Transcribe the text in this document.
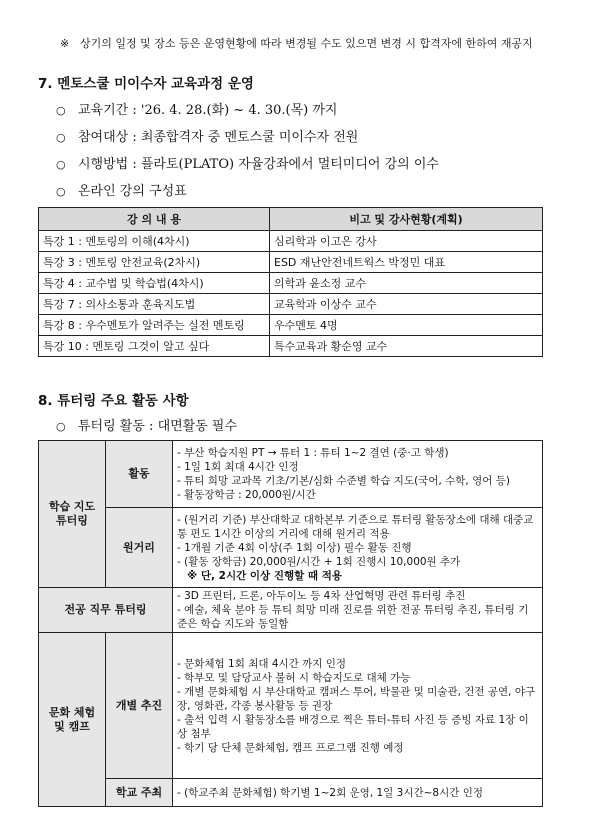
※ 상기의 일정 및 장소 등은 운영현황에 따라 변경될 수도 있으면 변경 시 합격자에 한하여 재공지
7. 멘토스쿨 미이수자 교육과정 운영
○ 교육기간 : '26. 4. 28.(화) ~ 4. 30.(목) 까지
○ 참여대상 : 최종합격자 중 멘토스쿨 미이수자 전원
○ 시행방법 : 플라토(PLATO) 자율강좌에서 멀티미디어 강의 이수
○ 온라인 강의 구성표
강 의 내 용	비고 및 강사현황(계획)
특강 1 : 멘토링의 이해(4차시)	심리학과 이고은 강사
특강 3 : 멘토링 안전교육(2차시)	ESD 재난안전네트웍스 박정민 대표
특강 4 : 교수법 및 학습법(4차시)	의학과 윤소정 교수
특강 7 : 의사소통과 훈육지도법	교육학과 이상수 교수
특강 8 : 우수멘토가 알려주는 실전 멘토링	우수멘토 4명
특강 10 : 멘토링 그것이 알고 싶다	특수교육과 황순영 교수
8. 튜터링 주요 활동 사항
○ 튜터링 활동 : 대면활동 필수
학습 지도 튜터링	활동	- 부산 학습지원 PT → 튜터 1 : 튜티 1~2 결연 (중·고 학생)
- 1일 1회 최대 4시간 인정
- 튜티 희망 교과목 기초/기본/심화 수준별 학습 지도(국어, 수학, 영어 등)
- 활동장학금 : 20,000원/시간

	원거리	- (원거리 기준) 부산대학교 대학본부 기준으로 튜터링 활동장소에 대해 대중교통 편도 1시간 이상의 거리에 대해 원거리 적용
- 1개월 기준 4회 이상(주 1회 이상) 필수 활동 진행
- (활동 장학금) 20,000원/시간 + 1회 진행시 10,000원 추가
※ 단, 2시간 이상 진행할 때 적용

전공 직무 튜터링		- 3D 프린터, 드론, 아두이노 등 4차 산업혁명 관련 튜터링 추진
- 예술, 체육 분야 등 튜티 희망 미래 진로를 위한 전공 튜터링 추진, 튜터링 기준은 학습 지도와 동일함

문화 체험 및 캠프	개별 추진	- 문화체험 1회 최대 4시간 까지 인정
- 학부모 및 담당교사 불허 시 학습지도로 대체 가능
- 개별 문화체험 시 부산대학교 캠퍼스 투어, 박물관 및 미술관, 건전 공연, 야구장, 영화관, 각종 봉사활동 등 권장
- 출석 입력 시 활동장소를 배경으로 찍은 튜터-튜티 사진 등 증빙 자료 1장 이상 첨부
- 학기 당 단체 문화체험, 캠프 프로그램 진행 예정

	학교 주최	- (학교주최 문화체험) 학기별 1~2회 운영, 1일 3시간~8시간 인정
